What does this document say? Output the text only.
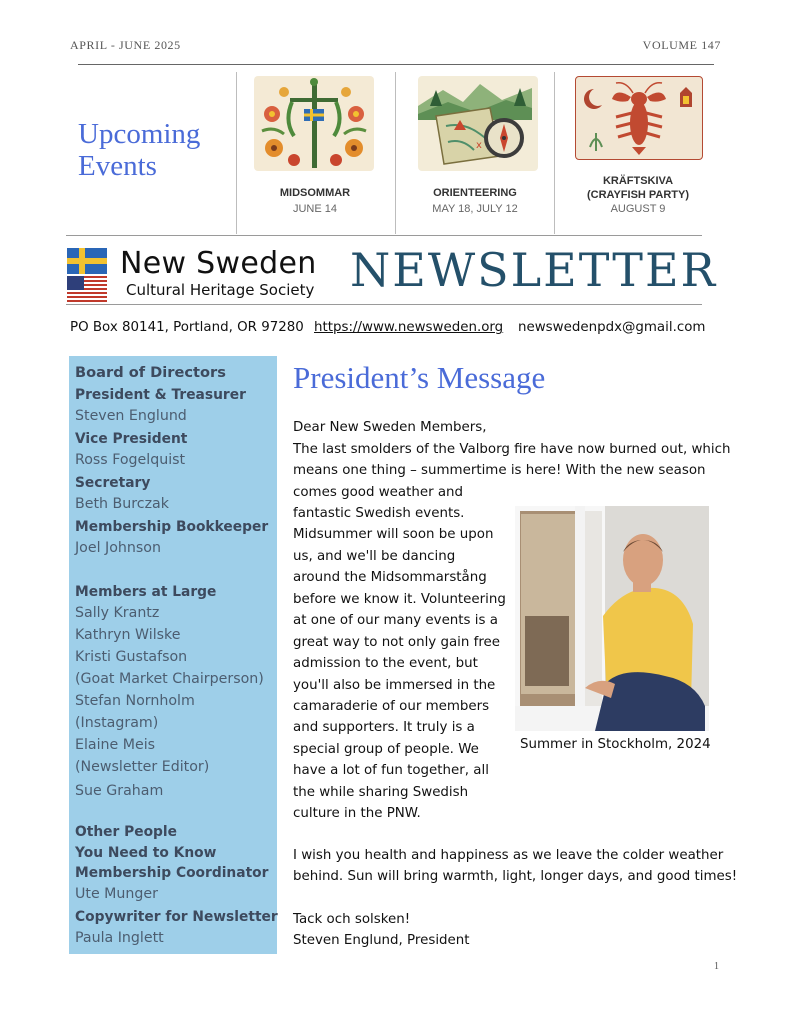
APRIL - JUNE 2025	VOLUME 147
Upcoming
Events
MIDSOMMAR
JUNE 14
x
ORIENTEERING
MAY 18, JULY 12
KRÄFTSKIVA
(CRAYFISH PARTY)
AUGUST 9
New Sweden
Cultural Heritage Society NEWSLETTER
PO Box 80141, Portland, OR 97280 https://www.newsweden.org newswedenpdx@gmail.com
Board of Directors
President & Treasurer
Steven Englund
Vice President
Ross Fogelquist
Secretary
Beth Burczak
Membership Bookkeeper
Joel Johnson
Members at Large
Sally Krantz
Kathryn Wilske
Kristi Gustafson
(Goat Market Chairperson)
Stefan Nornholm
(Instagram)
Elaine Meis
(Newsletter Editor)
Sue Graham
Other People
You Need to Know
Membership Coordinator
Ute Munger
Copywriter for Newsletter
Paula Inglett
President’s Message
Dear New Sweden Members,
The last smolders of the Valborg fire have now burned out, which
means one thing – summertime is here! With the new season
comes good weather and
fantastic Swedish events.
Midsummer will soon be upon
us, and we'll be dancing
around the Midsommarstång
before we know it. Volunteering
at one of our many events is a
great way to not only gain free
admission to the event, but
you'll also be immersed in the
camaraderie of our members
and supporters. It truly is a
special group of people. We
have a lot of fun together, all
the while sharing Swedish
culture in the PNW.
I wish you health and happiness as we leave the colder weather
behind. Sun will bring warmth, light, longer days, and good times!
Tack och solsken!
Steven Englund, President
Summer in Stockholm, 2024
1
